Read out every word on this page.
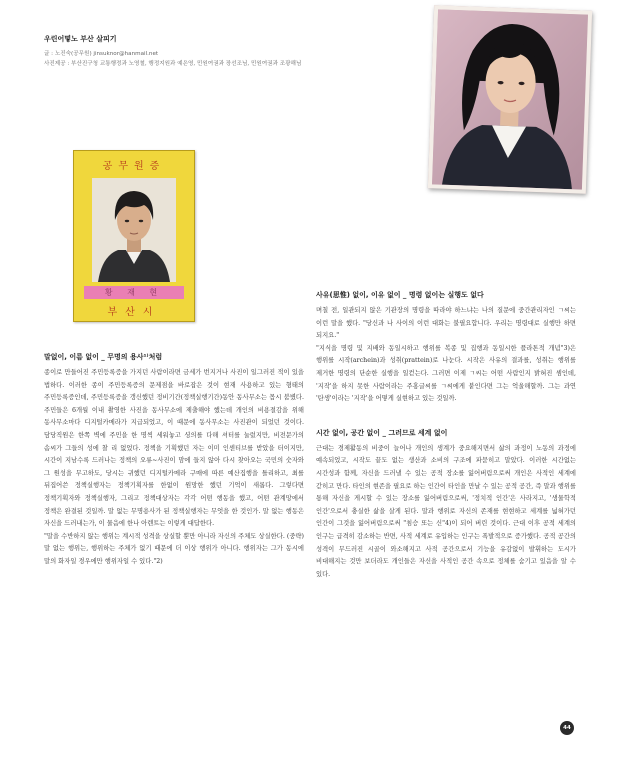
우린어떻노 부산 살피기
글 : 노진숙(공무원) jinsuknor@hanmail.net
사진제공 : 부산진구청 교통행정과 노영철, 행정지원과 예은영, 민원여권과 장선조님, 민원여권과 조광해님
공무원증
황 재 현
부산시
말없이, 이름 없이 _ 무명의 용사¹⁾처럼

종이로 만들어진 주민등록증을 가지던 사람이라면 금세가 번지거나 사진이 일그러진 적이 있을 법하다. 이러한 종이 주민등록증의 문제점을 바로잡은 것이 현재 사용하고 있는 형태의 주민등록증인데, 주민등록증을 갱신했던 정비기간(정책실행기간)동안 동사무소는 몹시 붐볐다. 주민들은 6개월 이내 촬영한 사진을 동사무소에 제출해야 했는데 개인의 비용절감을 위해 동사무소마다 디지털카메라가 지급되었고, 이 때문에 동사무소는 사진관이 되었던 것이다. 담당직원은 한쪽 벽에 주민을 한 명씩 세워놓고 셩의를 다해 셔터를 눌렀지만, 비전문가의 솜씨가 그들의 성에 찰 리 없었다. 정책을 기획했던 자는 이미 인센티브를 받았을 터이지만, 시간이 지남수록 드러나는 정책의 오류~사진이 맘에 들지 않아 다시 찾아오는 국민의 숫자와 그 원성을 무고하도, 당시는 귀했던 디지털카메라 구매에 따른 예산집행을 틀리하고, 최를 뒤집어쓴 정책실행자는 정책기획자를 한없이 원망한 했던 기억이 새롭다. 그렇다면 정책기획자와 정책실행자, 그리고 정책대상자는 각각 어떤 행동을 했고, 어떤 관계망에서 정책은 완결된 것일까. 말 없는 무명용사가 된 정책실행자는 무엇을 한 것인가. 말 없는 행동은 자신을 드러내는가, 이 물음에 한나 아렌트는 이렇게 대답한다.

"말을 수반하지 않는 행위는 계시적 성격을 상실할 뿐만 아니라 자신의 주체도 상실한다. (중략) 말 없는 행위는, 행위하는 주체가 없기 때문에 더 이상 행위가 아니다. 행위자는 그가 동시에 말의 화자일 경우에만 행위자일 수 있다."2)

사유(思惟) 없이, 이유 없이 _ 명령 없이는 실행도 없다

며칠 전, 일관되지 않은 기관장의 명령을 따라야 하느냐는 나의 질문에 중간관리자인 ㄱ씨는 이런 말을 했다. "당신과 나 사이의 이런 대화는 불필요합니다. 우리는 명령대로 실행만 하면 되지요."

"지식을 명령 및 지배와 동일시하고 행위를 복종 및 집행과 동일시한 플라톤적 개념"3)은 행위를 시작(archein)과 성취(prattein)로 나눈다. 시작은 사유의 결과를, 성취는 행위를 제거한 명령의 단순한 실행을 일컫는다. 그러면 이제 ㄱ씨는 어떤 사람인지 밝혀진 셈인데, '지작'을 하지 못한 사람이라는 주홍글씨를 ㄱ씨에게 붙인다면 그는 억울해할까. 그는 과연 '탄생'이라는 '지작'을 어떻게 실현하고 있는 것일까.

시간 없이, 공간 없이 _ 그러므로 세계 없이

근대는 경제활동의 비중이 늘어나 개인의 생계가 중요해지면서 삶의 과정이 노동의 과정에 예속되었고, 시작도 끝도 없는 생산과 소비의 구조에 파묻히고 말았다. 이러한 시간없는 시간성과 함께, 자신을 드러낼 수 있는 공적 장소를 잃어버림으로써 개인은 사적인 세계에 갇히고 만다. 타인의 현존을 필요로 하는 인간이 타인을 만날 수 있는 공적 공간, 즉 말과 행위를 통해 자신을 게시할 수 있는 장소를 잃어버림으로써, '정치적 인간'은 사라지고, '생물학적 인간'으로서 충실한 삶을 살게 된다. 말과 행위로 자신의 존재를 현현하고 세계를 넓혀가던 인간이 그것을 잃어버림으로써 "침승 또는 신"4)이 되어 버린 것이다. 근대 이후 공적 세계의 인구는 급격히 감소하는 반면, 사적 세계로 유입하는 인구는 폭발적으로 증가했다. 공적 공간의 성격이 무드러진 시골이 와소해지고 사적 공간으로서 기능을 유감없이 발휘하는 도시가 비대해지는 것만 보더라도 개인들은 자신을 사적인 공간 속으로 정체를 숨기고 있음을 알 수 있다.

44
